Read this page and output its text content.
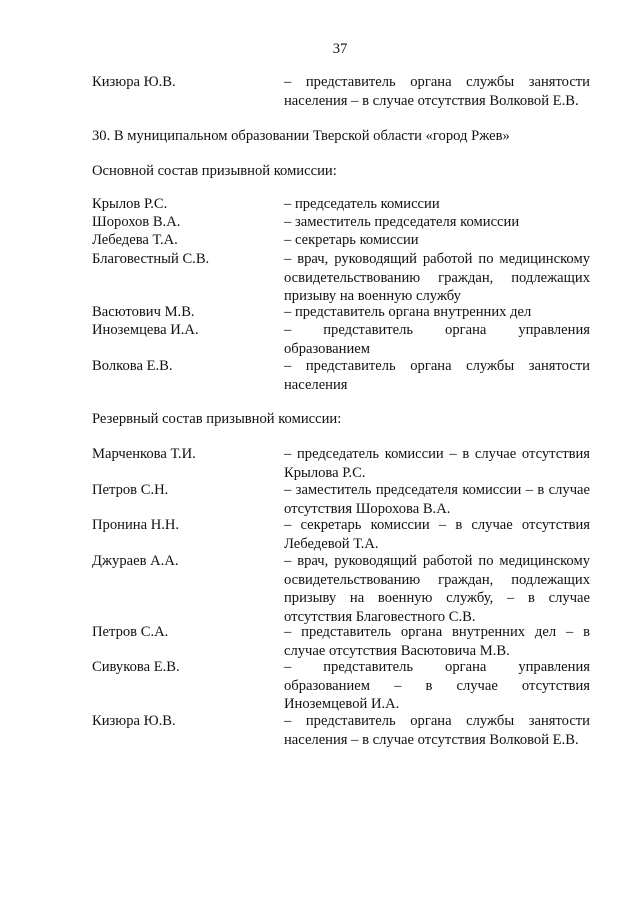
37
Кизюра Ю.В.	– представитель органа службы занятости населения – в случае отсутствия Волковой Е.В.
30. В муниципальном образовании Тверской области «город Ржев»
Основной состав призывной комиссии:
Крылов Р.С.	– председатель комиссии
Шорохов В.А.	– заместитель председателя комиссии
Лебедева Т.А.	– секретарь комиссии
Благовестный С.В.	– врач, руководящий работой по медицинскому освидетельствованию граждан, подлежащих призыву на военную службу
Васютович М.В.	– представитель органа внутренних дел
Иноземцева И.А.	– представитель органа управления образованием
Волкова Е.В.	– представитель органа службы занятости населения
Резервный состав призывной комиссии:
Марченкова Т.И.	– председатель комиссии – в случае отсутствия Крылова Р.С.
Петров С.Н.	– заместитель председателя комиссии – в случае отсутствия Шорохова В.А.
Пронина Н.Н.	– секретарь комиссии – в случае отсутствия Лебедевой Т.А.
Джураев А.А.	– врач, руководящий работой по медицинскому освидетельствованию граждан, подлежащих призыву на военную службу, – в случае отсутствия Благовестного С.В.
Петров С.А.	– представитель органа внутренних дел – в случае отсутствия Васютовича М.В.
Сивукова Е.В.	– представитель органа управления образованием – в случае отсутствия Иноземцевой И.А.
Кизюра Ю.В.	– представитель органа службы занятости населения – в случае отсутствия Волковой Е.В.
